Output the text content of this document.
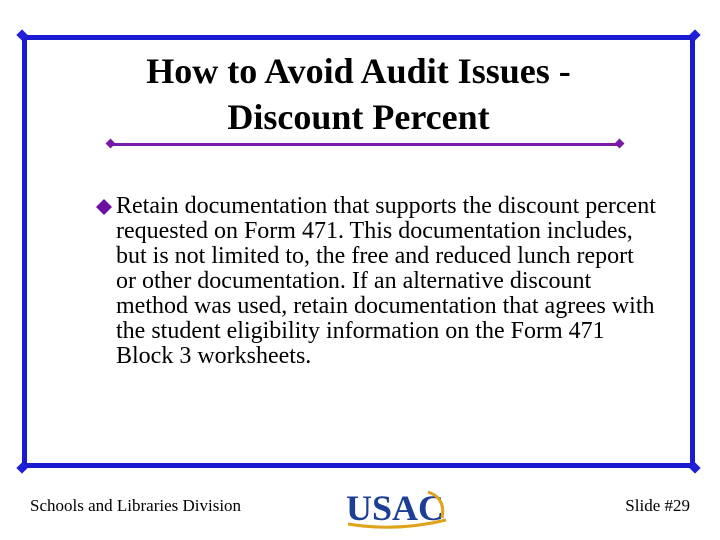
How to Avoid Audit Issues -
Discount Percent

Retain documentation that supports the discount percent requested on Form 471. This documentation includes, but is not limited to, the free and reduced lunch report or other documentation. If an alternative discount method was used, retain documentation that agrees with the student eligibility information on the Form 471 Block 3 worksheets.

Schools and Libraries Division	USAC	Slide #29
